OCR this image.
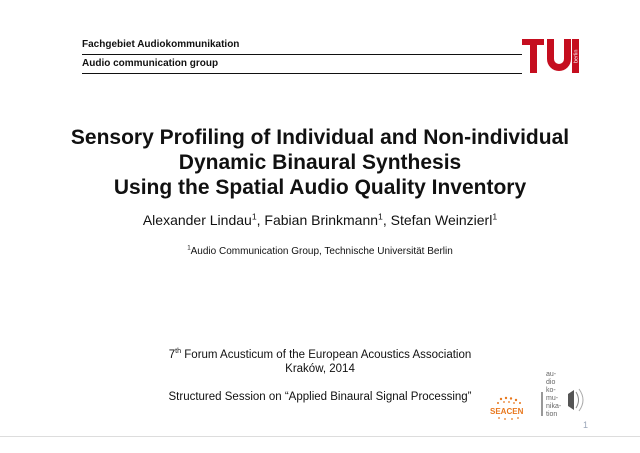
Fachgebiet Audiokommunikation
Audio communication group
berlin
Sensory Profiling of Individual and Non-individual
Dynamic Binaural Synthesis
Using the Spatial Audio Quality Inventory
Alexander Lindau$^1$, Fabian Brinkmann$^1$, Stefan Weinzierl$^1$
$^1$Audio Communication Group, Technische Universität Berlin
7th Forum Acusticum of the European Acoustics Association
Kraków, 2014
Structured Session on “Applied Binaural Signal Processing”
SEACEN
au-
dio
ko-
mu-
nika-
tion
1
